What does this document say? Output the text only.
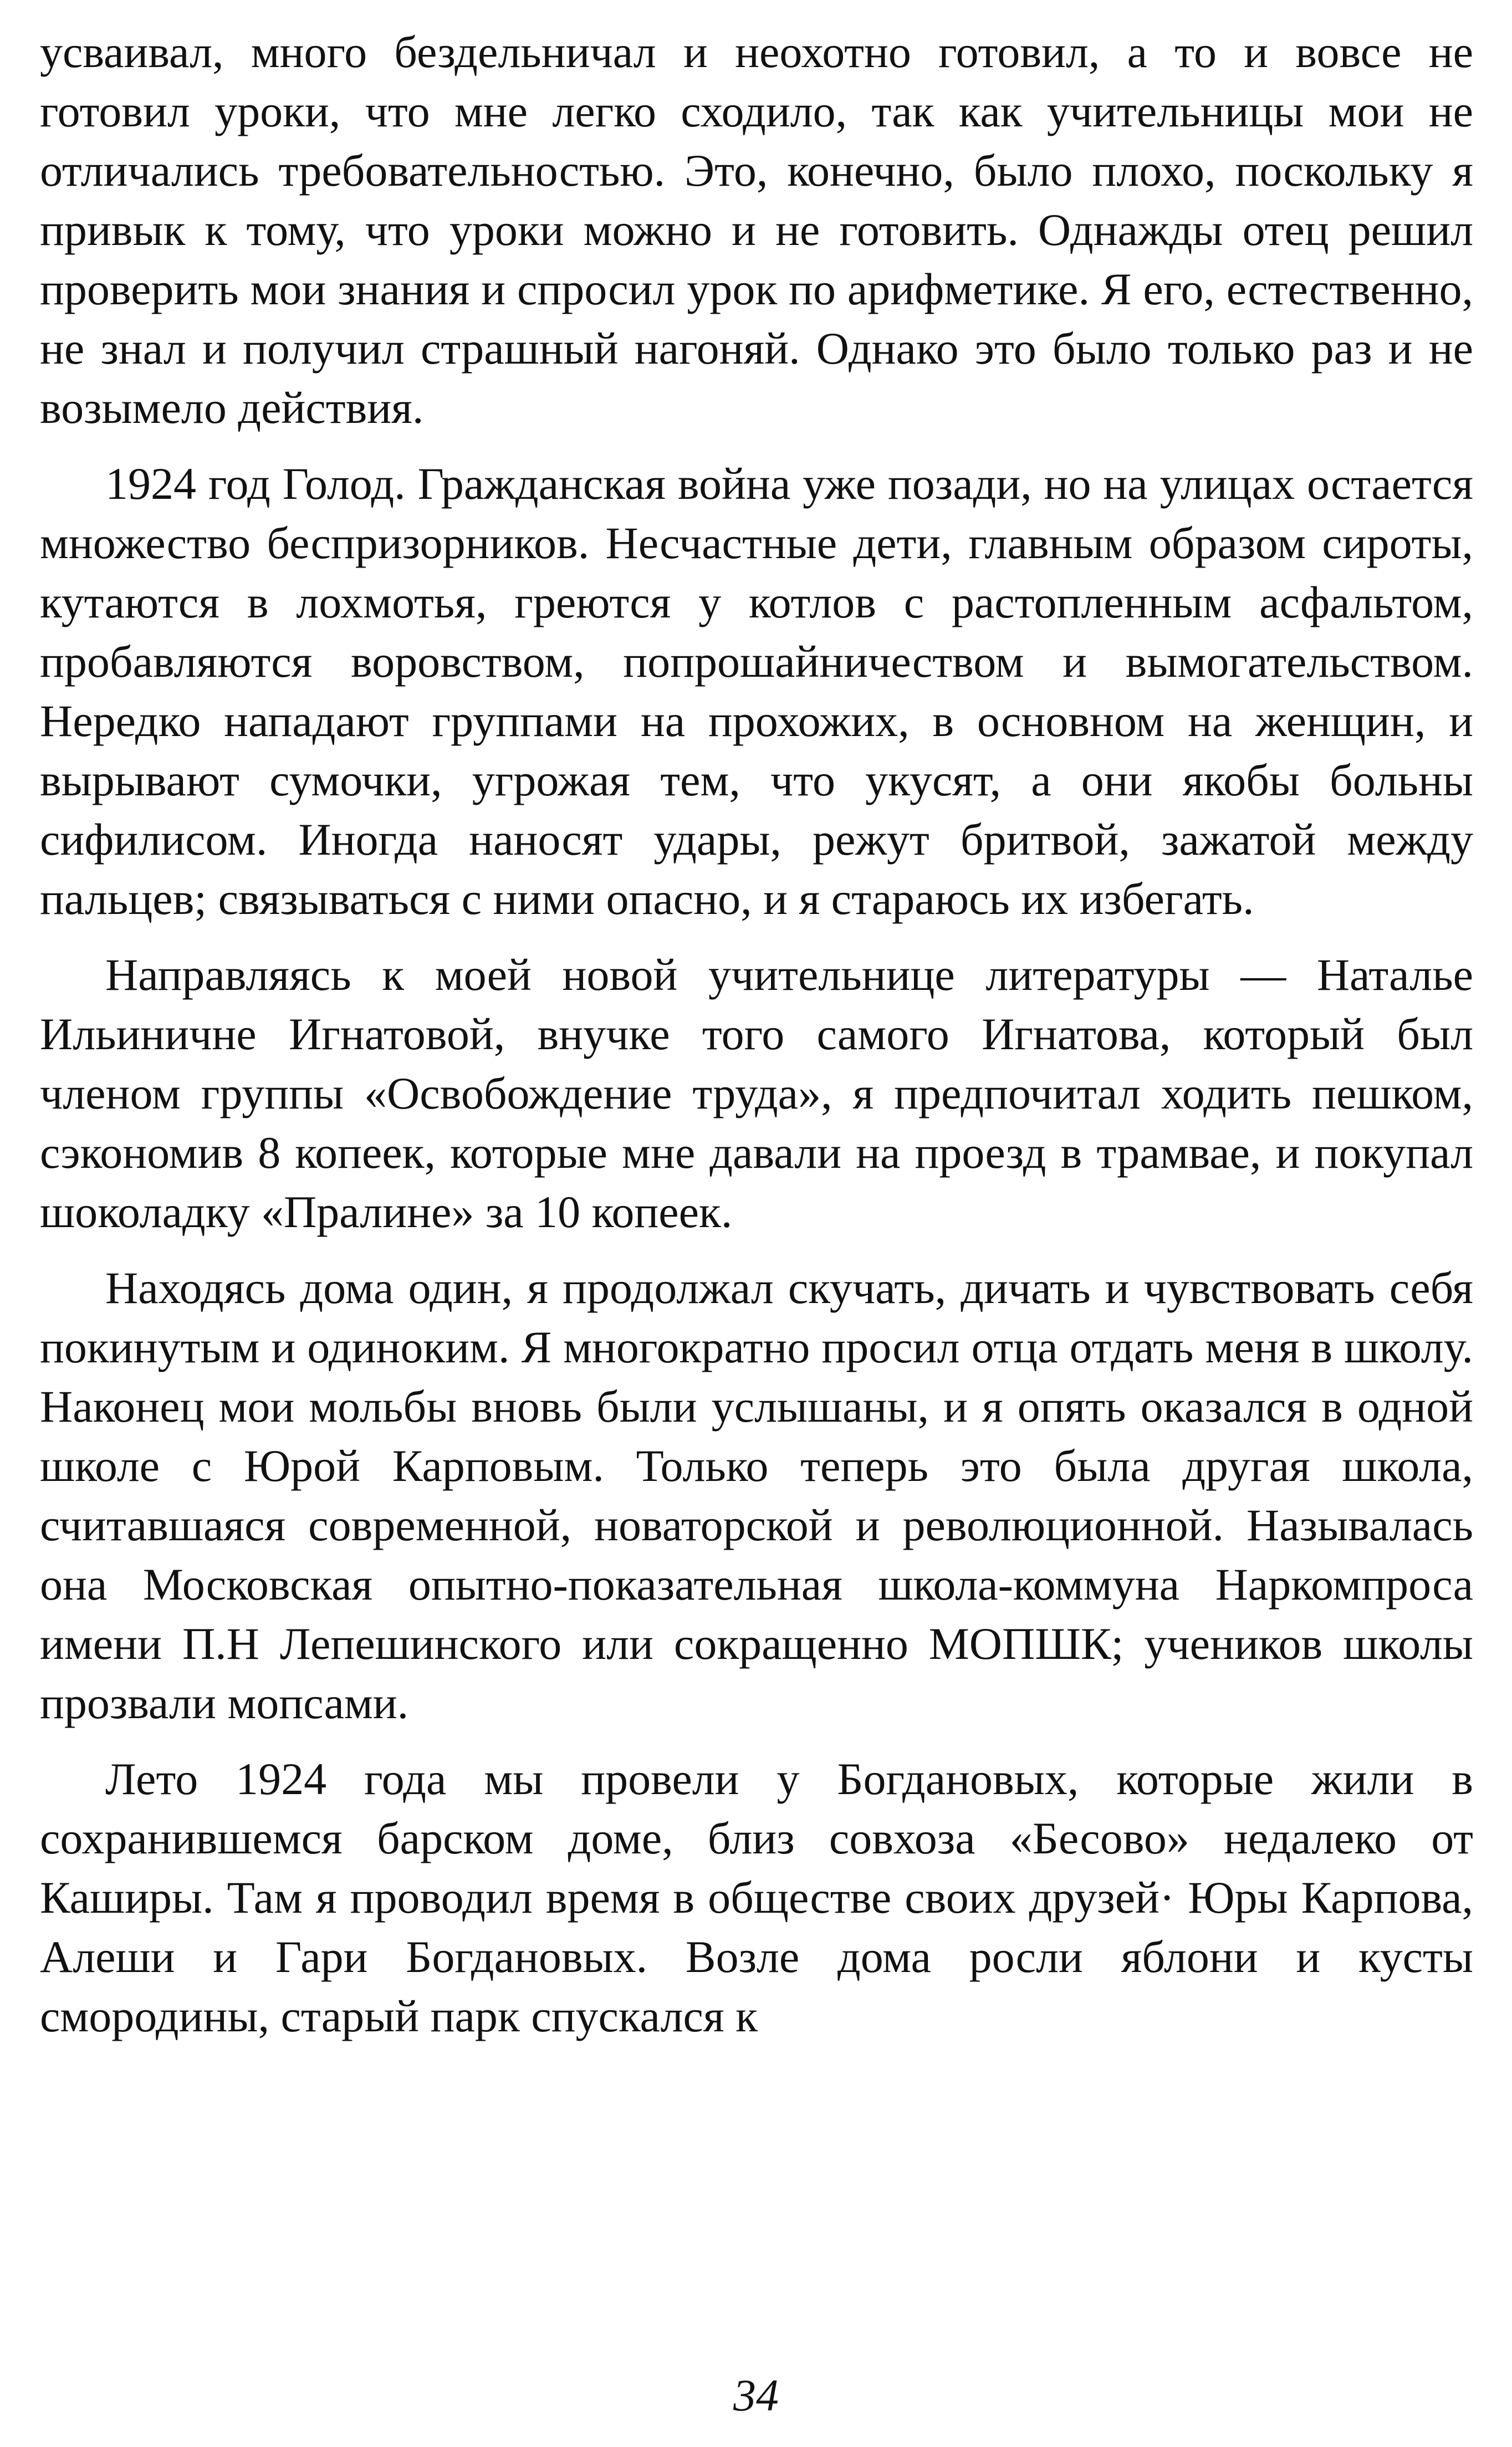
усваивал, много бездельничал и неохотно готовил, а то и вовсе не готовил уроки, что мне легко сходило, так как учительницы мои не отличались требовательностью. Это, конечно, было плохо, поскольку я привык к тому, что уроки можно и не готовить. Однажды отец решил проверить мои знания и спросил урок по арифметике. Я его, естественно, не знал и получил страшный нагоняй. Однако это было только раз и не возымело действия.

1924 год Голод. Гражданская война уже позади, но на улицах остается множество беспризорников. Несчастные дети, главным образом сироты, кутаются в лохмотья, греются у котлов с растопленным асфальтом, пробавляются воровством, попрошайничеством и вымогательством. Нередко нападают группами на прохожих, в основном на женщин, и вырывают сумочки, угрожая тем, что укусят, а они якобы больны сифилисом. Иногда наносят удары, режут бритвой, зажатой между пальцев; связываться с ними опасно, и я стараюсь их избегать.

Направляясь к моей новой учительнице литературы — Наталье Ильиничне Игнатовой, внучке того самого Игнатова, который был членом группы «Освобождение труда», я предпочитал ходить пешком, сэкономив 8 копеек, которые мне давали на проезд в трамвае, и покупал шоколадку «Пралине» за 10 копеек.

Находясь дома один, я продолжал скучать, дичать и чувствовать себя покинутым и одиноким. Я многократно просил отца отдать меня в школу. Наконец мои мольбы вновь были услышаны, и я опять оказался в одной школе с Юрой Карповым. Только теперь это была другая школа, считавшаяся современной, новаторской и революционной. Называлась она Московская опытно-показательная школа-коммуна Наркомпроса имени П.Н Лепешинского или сокращенно МОПШК; учеников школы прозвали мопсами.

Лето 1924 года мы провели у Богдановых, которые жили в сохранившемся барском доме, близ совхоза «Бесово» недалеко от Каширы. Там я проводил время в обществе своих друзей· Юры Карпова, Алеши и Гари Богдановых. Возле дома росли яблони и кусты смородины, старый парк спускался к

34
